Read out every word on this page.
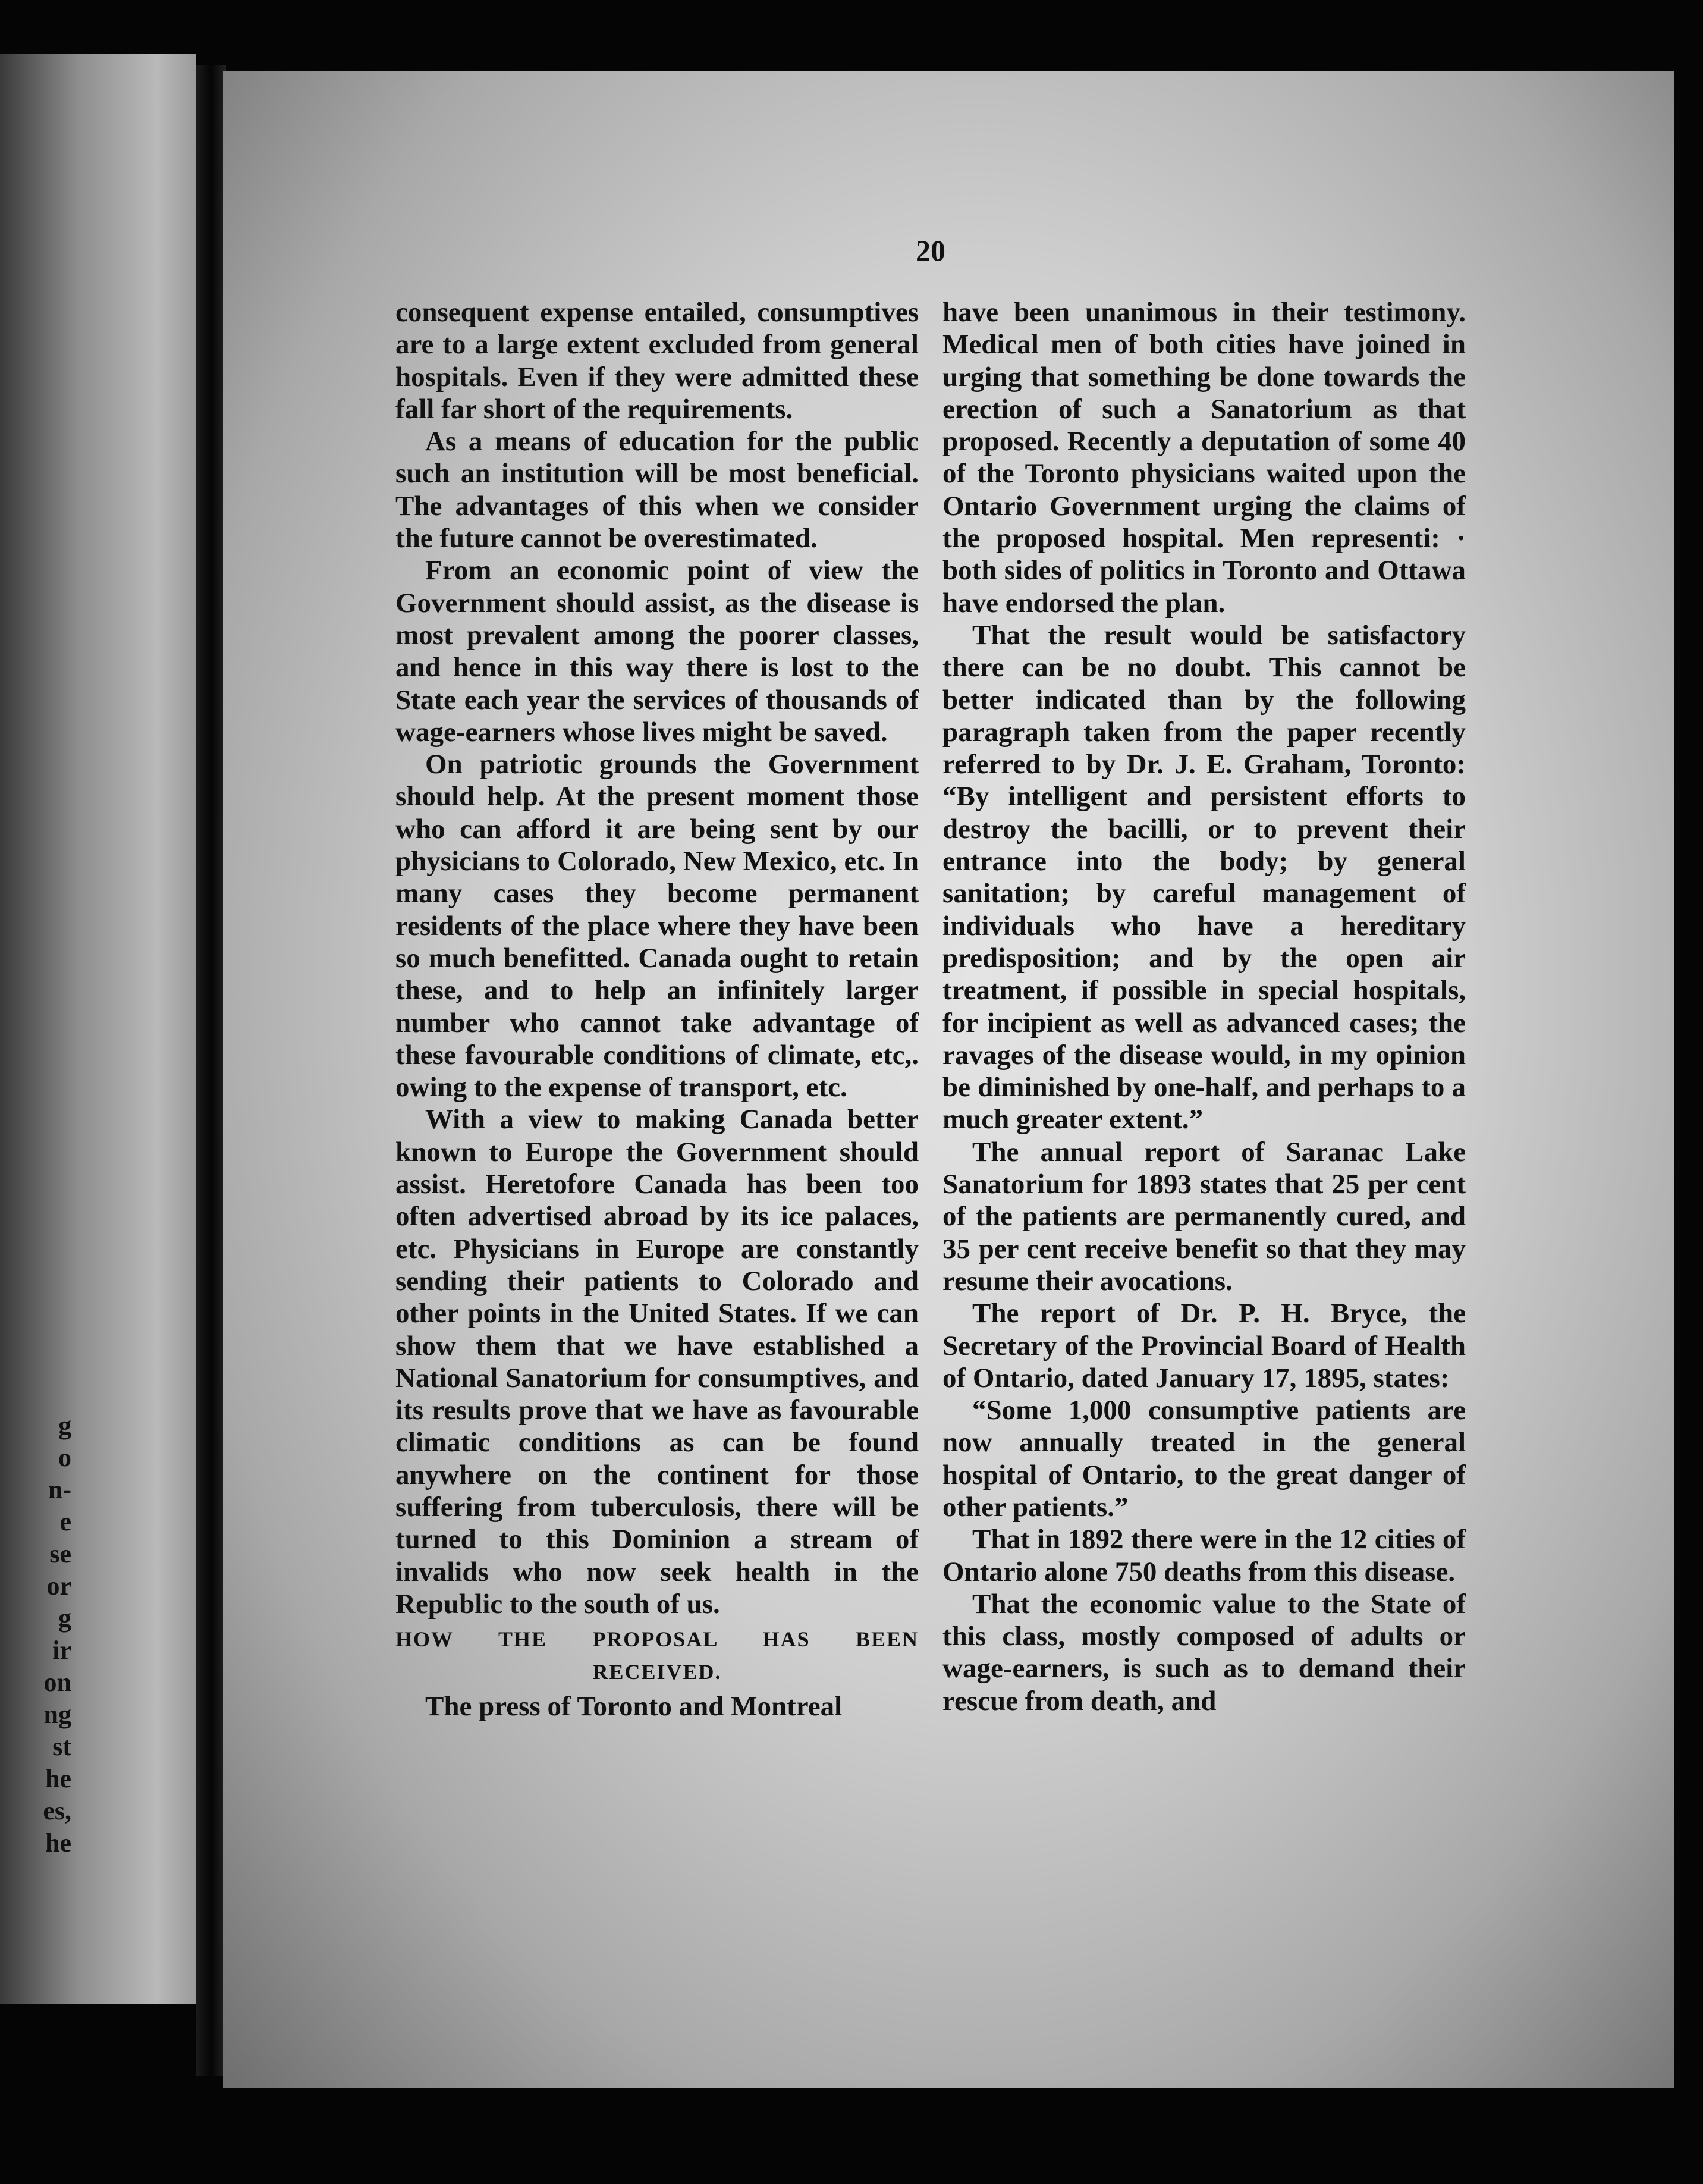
g
o
n-
e
se
or
g
ir
on
ng
st
he
es,
he
20

consequent expense entailed, consumptives are to a large extent excluded from general hospitals. Even if they were admitted these fall far short of the requirements.

As a means of education for the public such an institution will be most beneficial. The advantages of this when we consider the future cannot be overestimated.

From an economic point of view the Government should assist, as the disease is most prevalent among the poorer classes, and hence in this way there is lost to the State each year the services of thousands of wage-earners whose lives might be saved.

On patriotic grounds the Government should help. At the present moment those who can afford it are being sent by our physicians to Colorado, New Mexico, etc. In many cases they become permanent residents of the place where they have been so much benefitted. Canada ought to retain these, and to help an infinitely larger number who cannot take advantage of these favourable conditions of climate, etc,. owing to the expense of transport, etc.

With a view to making Canada better known to Europe the Government should assist. Heretofore Canada has been too often advertised abroad by its ice palaces, etc. Physicians in Europe are constantly sending their patients to Colorado and other points in the United States. If we can show them that we have established a National Sanatorium for consumptives, and its results prove that we have as favourable climatic conditions as can be found anywhere on the continent for those suffering from tuberculosis, there will be turned to this Dominion a stream of invalids who now seek health in the Republic to the south of us.

HOW THE PROPOSAL HAS BEEN

RECEIVED.

The press of Toronto and Montreal

have been unanimous in their testimony. Medical men of both cities have joined in urging that something be done towards the erection of such a Sanatorium as that proposed. Recently a deputation of some 40 of the Toronto physicians waited upon the Ontario Government urging the claims of the proposed hospital. Men representi: · both sides of politics in Toronto and Ottawa have endorsed the plan.

That the result would be satisfactory there can be no doubt. This cannot be better indicated than by the following paragraph taken from the paper recently referred to by Dr. J. E. Graham, Toronto: “By intelligent and persistent efforts to destroy the bacilli, or to prevent their entrance into the body; by general sanitation; by careful management of individuals who have a hereditary predisposition; and by the open air treatment, if possible in special hospitals, for incipient as well as advanced cases; the ravages of the disease would, in my opinion be diminished by one-half, and perhaps to a much greater extent.”

The annual report of Saranac Lake Sanatorium for 1893 states that 25 per cent of the patients are permanently cured, and 35 per cent receive benefit so that they may resume their avocations.

The report of Dr. P. H. Bryce, the Secretary of the Provincial Board of Health of Ontario, dated January 17, 1895, states:

“Some 1,000 consumptive patients are now annually treated in the general hospital of Ontario, to the great danger of other patients.”

That in 1892 there were in the 12 cities of Ontario alone 750 deaths from this disease.

That the economic value to the State of this class, mostly composed of adults or wage-earners, is such as to demand their rescue from death, and
